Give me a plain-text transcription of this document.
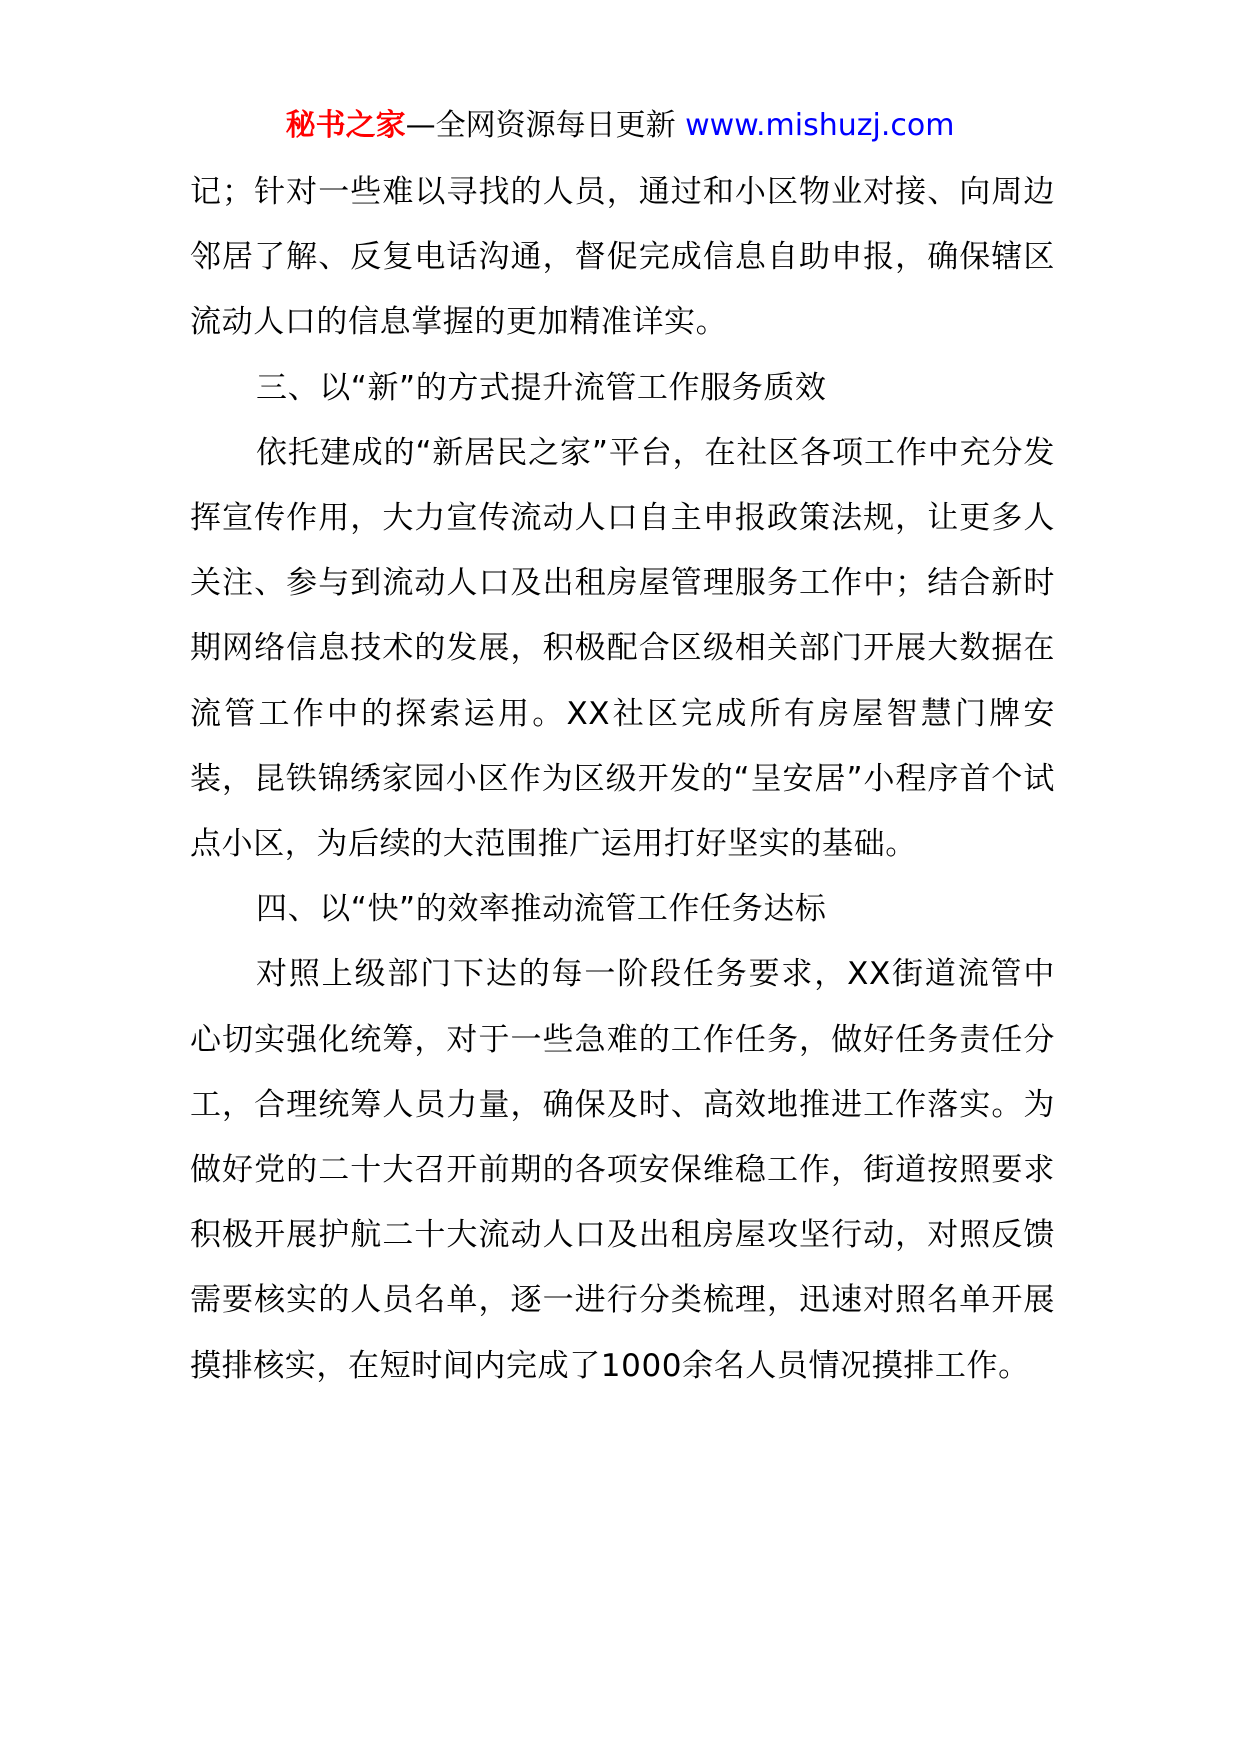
秘书之家—全网资源每日更新 www.mishuzj.com

记；针对一些难以寻找的人员，通过和小区物业对接、向周边邻居了解、反复电话沟通，督促完成信息自助申报，确保辖区流动人口的信息掌握的更加精准详实。

三、以“新”的方式提升流管工作服务质效

依托建成的“新居民之家”平台，在社区各项工作中充分发挥宣传作用，大力宣传流动人口自主申报政策法规，让更多人关注、参与到流动人口及出租房屋管理服务工作中；结合新时期网络信息技术的发展，积极配合区级相关部门开展大数据在流管工作中的探索运用。XX社区完成所有房屋智慧门牌安装，昆铁锦绣家园小区作为区级开发的“呈安居”小程序首个试点小区，为后续的大范围推广运用打好坚实的基础。

四、以“快”的效率推动流管工作任务达标

对照上级部门下达的每一阶段任务要求，XX街道流管中心切实强化统筹，对于一些急难的工作任务，做好任务责任分工，合理统筹人员力量，确保及时、高效地推进工作落实。为做好党的二十大召开前期的各项安保维稳工作，街道按照要求积极开展护航二十大流动人口及出租房屋攻坚行动，对照反馈需要核实的人员名单，逐一进行分类梳理，迅速对照名单开展摸排核实，在短时间内完成了1000余名人员情况摸排工作。
